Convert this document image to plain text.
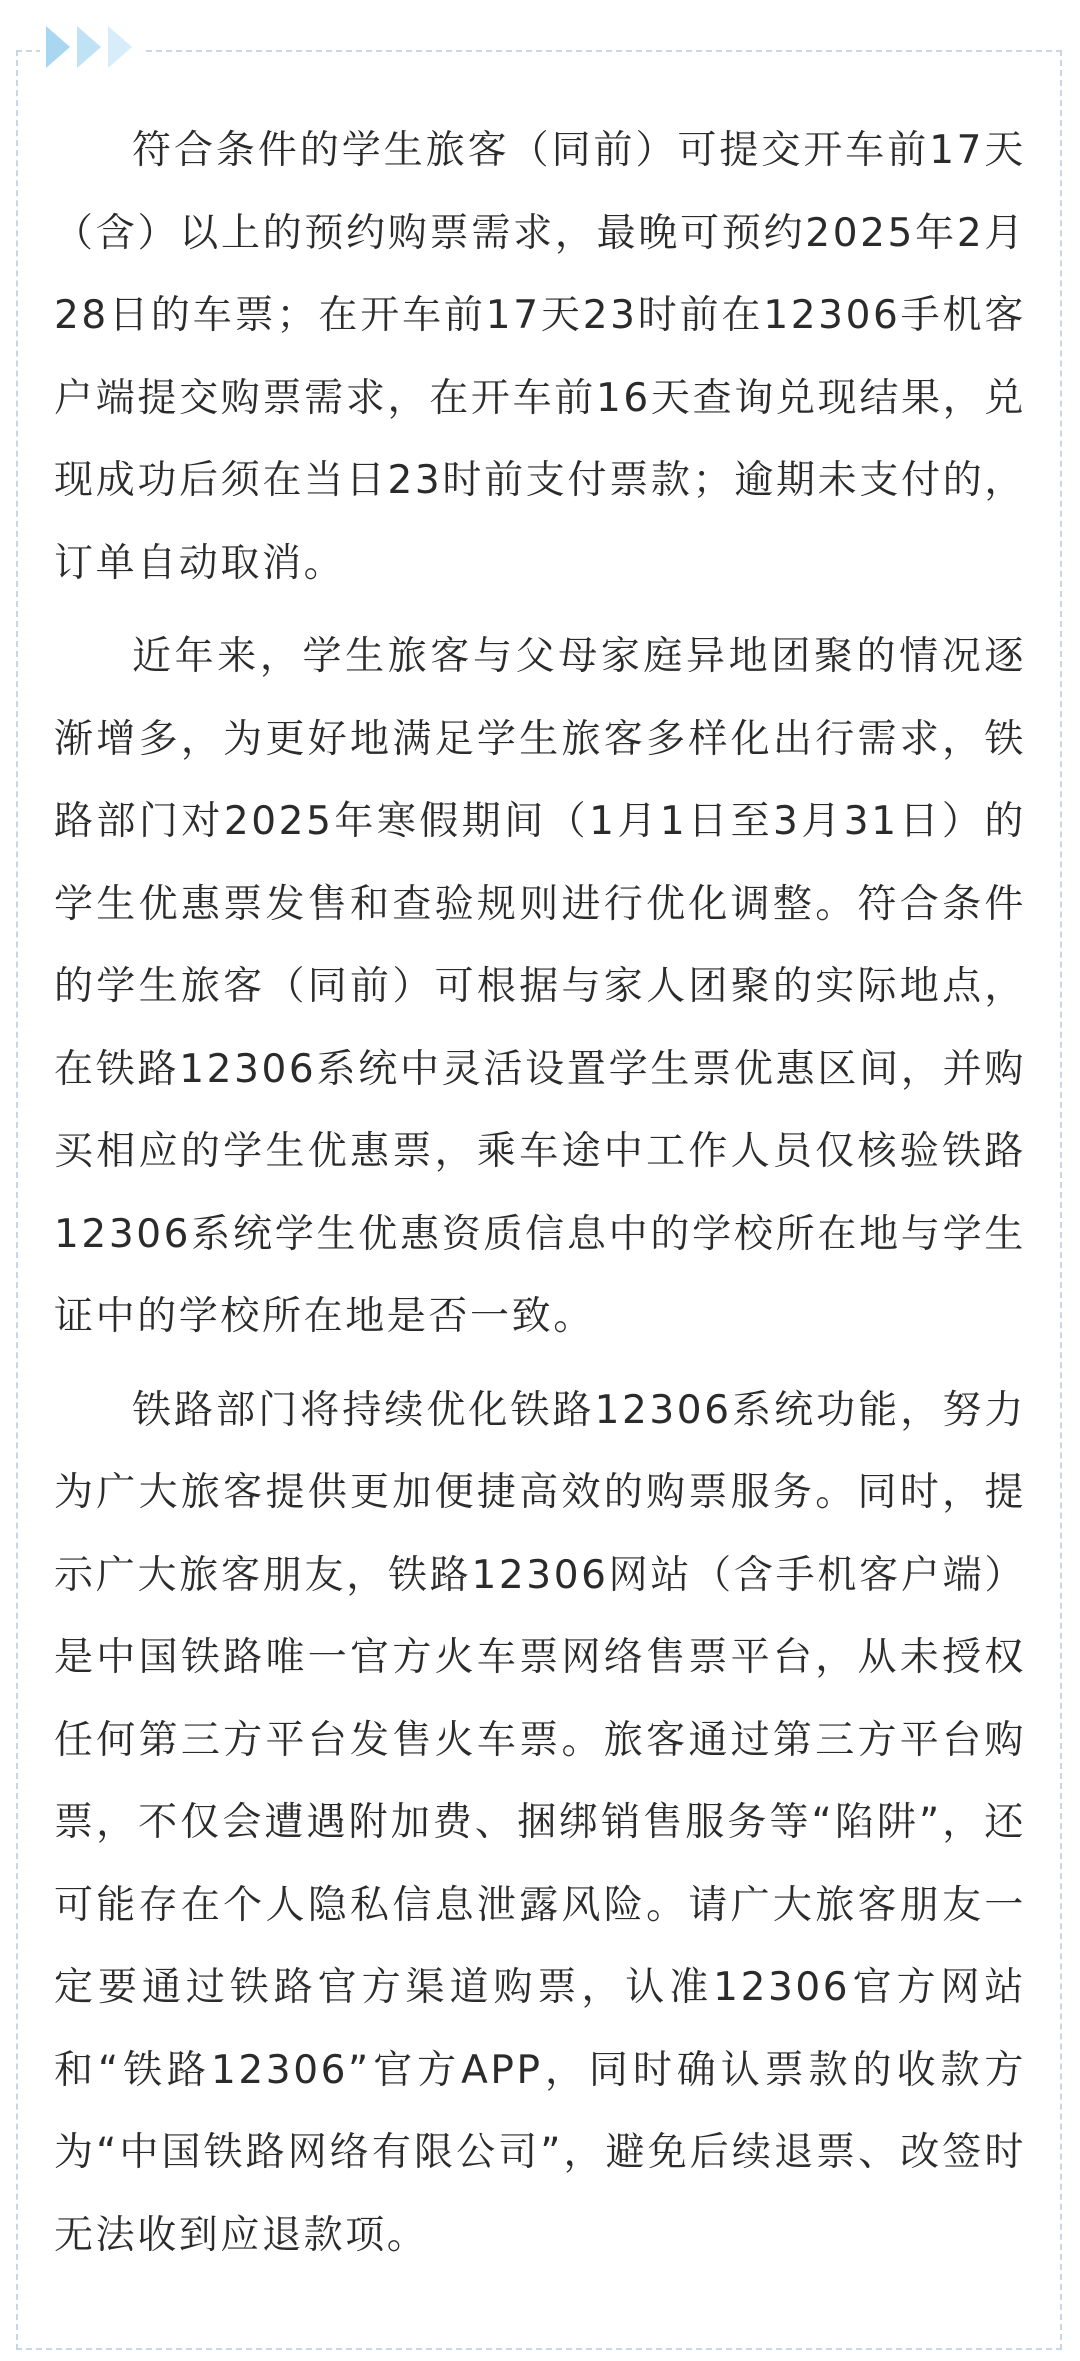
符合条件的学生旅客（同前）可提交开车前17天（含）以上的预约购票需求，最晚可预约2025年2月28日的车票；在开车前17天23时前在12306手机客户端提交购票需求，在开车前16天查询兑现结果，兑现成功后须在当日23时前支付票款；逾期未支付的，订单自动取消。

近年来，学生旅客与父母家庭异地团聚的情况逐渐增多，为更好地满足学生旅客多样化出行需求，铁路部门对2025年寒假期间（1月1日至3月31日）的学生优惠票发售和查验规则进行优化调整。符合条件的学生旅客（同前）可根据与家人团聚的实际地点，在铁路12306系统中灵活设置学生票优惠区间，并购买相应的学生优惠票，乘车途中工作人员仅核验铁路12306系统学生优惠资质信息中的学校所在地与学生证中的学校所在地是否一致。

铁路部门将持续优化铁路12306系统功能，努力为广大旅客提供更加便捷高效的购票服务。同时，提示广大旅客朋友，铁路12306网站（含手机客户端）是中国铁路唯一官方火车票网络售票平台，从未授权任何第三方平台发售火车票。旅客通过第三方平台购票，不仅会遭遇附加费、捆绑销售服务等“陷阱”，还可能存在个人隐私信息泄露风险。请广大旅客朋友一定要通过铁路官方渠道购票，认准12306官方网站和“铁路12306”官方APP，同时确认票款的收款方为“中国铁路网络有限公司”，避免后续退票、改签时无法收到应退款项。
